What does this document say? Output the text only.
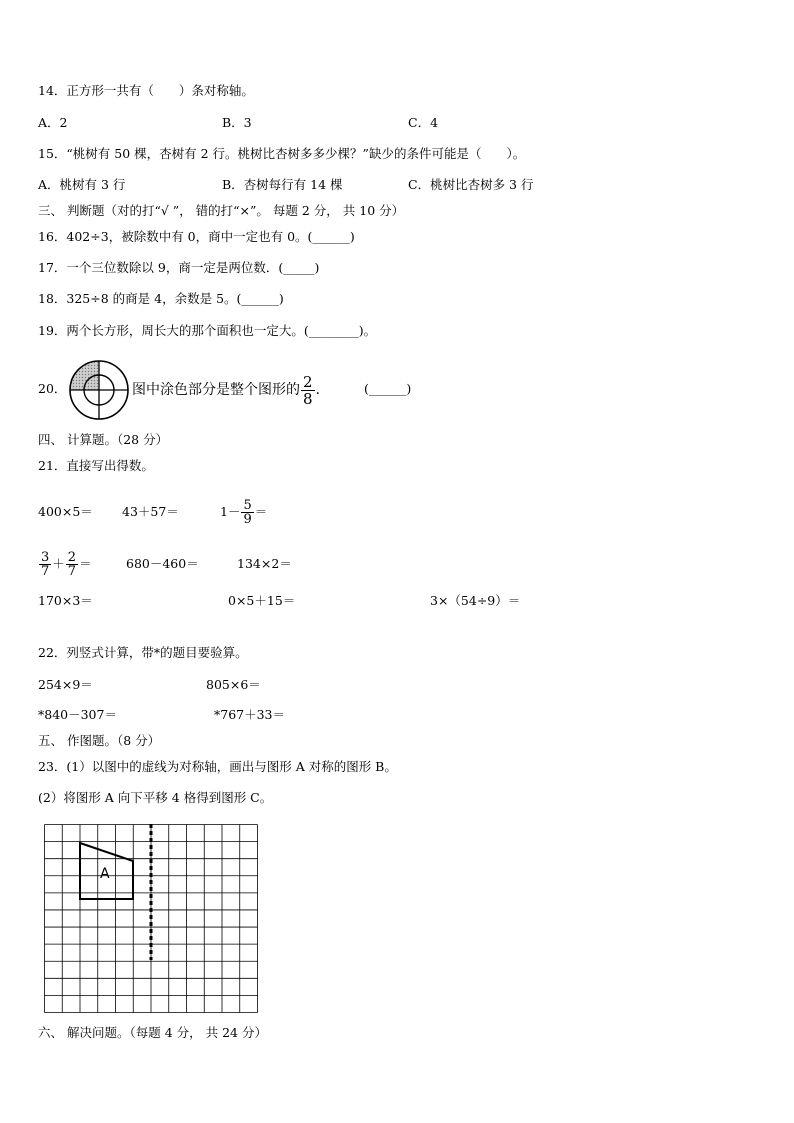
14．正方形一共有（　　）条对称轴。
A．2	B．3	C．4
15．“桃树有 50 棵，杏树有 2 行。桃树比杏树多多少棵？”缺少的条件可能是（　　）。
A．桃树有 3 行	B．杏树每行有 14 棵	C．桃树比杏树多 3 行
三、 判断题（对的打“√ ”， 错的打“×”。 每题 2 分， 共 10 分）
16．402÷3，被除数中有 0，商中一定也有 0。(______)
17．一个三位数除以 9，商一定是两位数．(_____)
18．325÷8 的商是 4，余数是 5。(______)
19．两个长方形，周长大的那个面积也一定大。(________)。
20．	图中涂色部分是整个图形的 $\frac{2}{8}$ .	(______)
四、 计算题。（28 分）
21．直接写出得数。
400×5＝ 43＋57＝	$1- \frac{5}{9}$ ＝
$\frac{3}{7} + \frac{2}{7}$ ＝	680－460＝	134×2＝
170×3＝	0×5＋15＝	3×（54÷9）＝
22．列竖式计算，带*的题目要验算。
254×9＝	805×6＝
*840－307＝	*767＋33＝
五、 作图题。（8 分）
23．(1）以图中的虚线为对称轴，画出与图形 A 对称的图形 B。
(2）将图形 A 向下平移 4 格得到图形 C。
A
六、 解决问题。（每题 4 分， 共 24 分）
